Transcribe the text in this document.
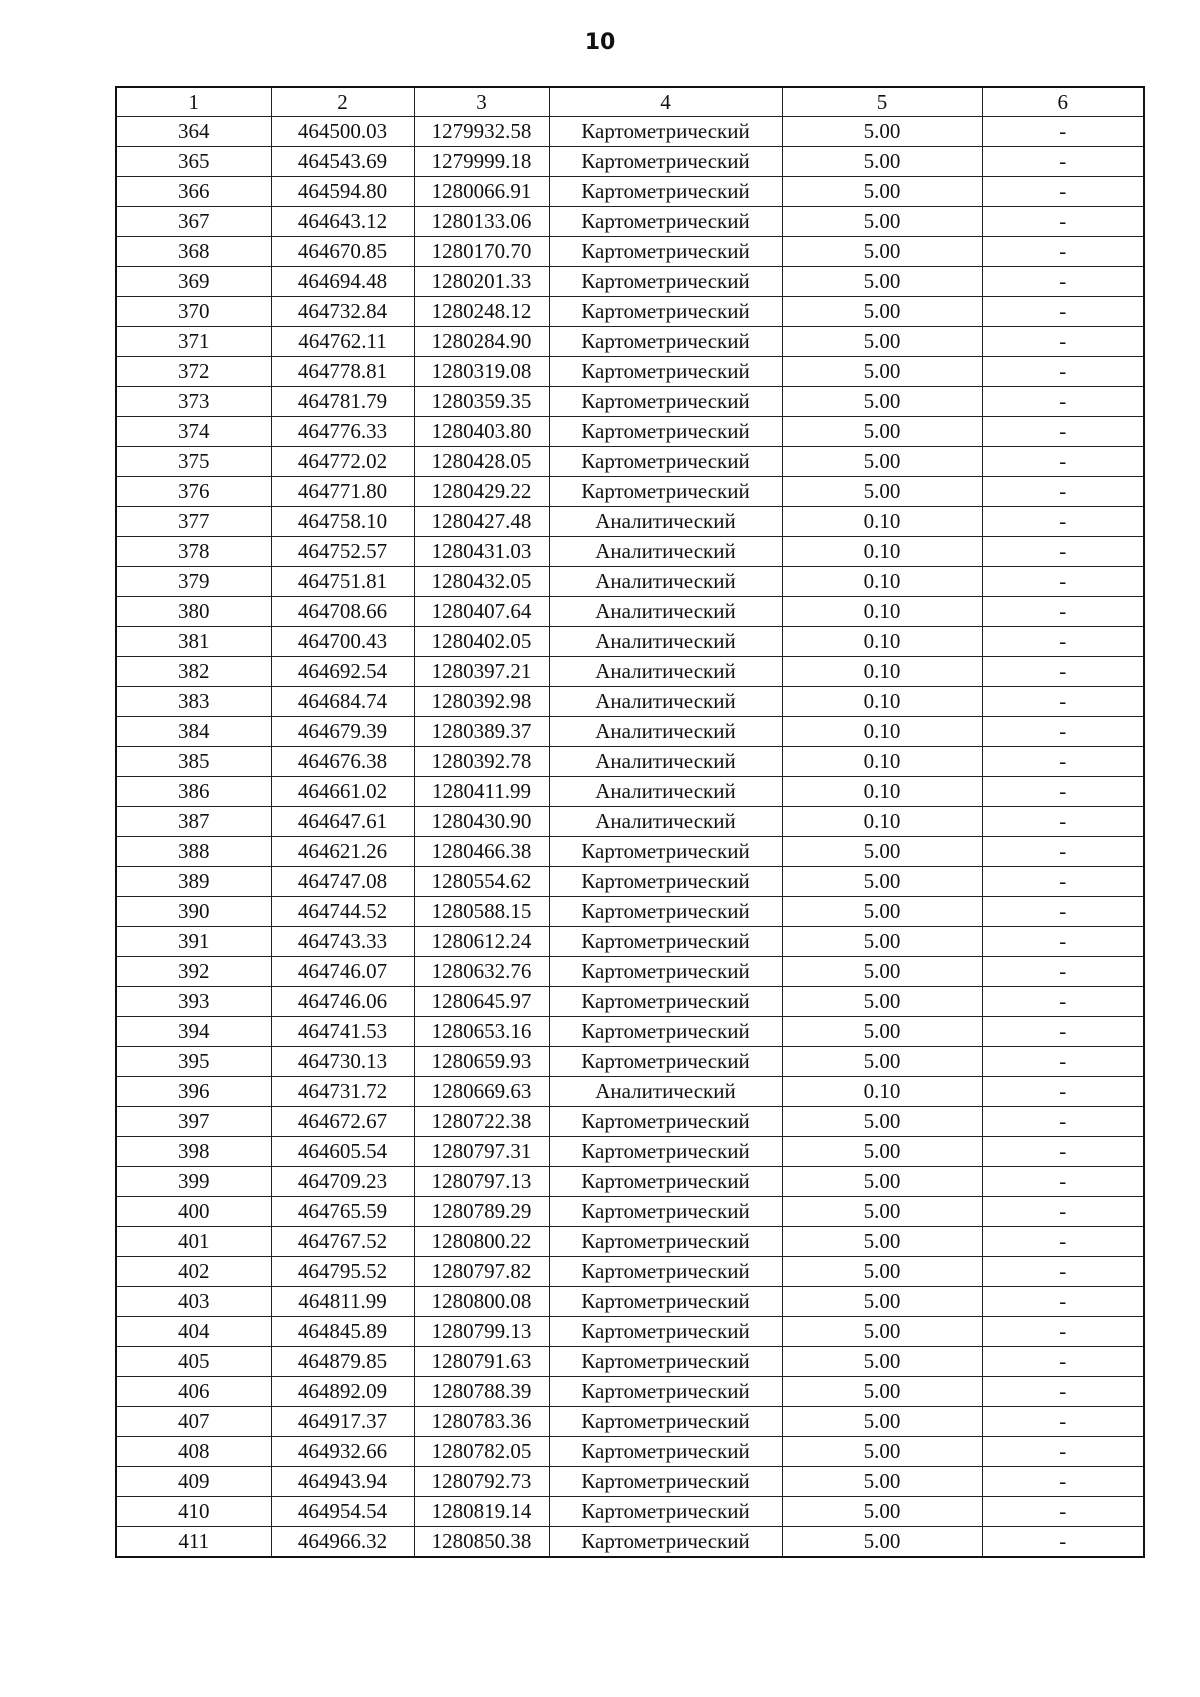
10
1	2	3	4	5	6
364	464500.03	1279932.58	Картометрический	5.00	-
365	464543.69	1279999.18	Картометрический	5.00	-
366	464594.80	1280066.91	Картометрический	5.00	-
367	464643.12	1280133.06	Картометрический	5.00	-
368	464670.85	1280170.70	Картометрический	5.00	-
369	464694.48	1280201.33	Картометрический	5.00	-
370	464732.84	1280248.12	Картометрический	5.00	-
371	464762.11	1280284.90	Картометрический	5.00	-
372	464778.81	1280319.08	Картометрический	5.00	-
373	464781.79	1280359.35	Картометрический	5.00	-
374	464776.33	1280403.80	Картометрический	5.00	-
375	464772.02	1280428.05	Картометрический	5.00	-
376	464771.80	1280429.22	Картометрический	5.00	-
377	464758.10	1280427.48	Аналитический	0.10	-
378	464752.57	1280431.03	Аналитический	0.10	-
379	464751.81	1280432.05	Аналитический	0.10	-
380	464708.66	1280407.64	Аналитический	0.10	-
381	464700.43	1280402.05	Аналитический	0.10	-
382	464692.54	1280397.21	Аналитический	0.10	-
383	464684.74	1280392.98	Аналитический	0.10	-
384	464679.39	1280389.37	Аналитический	0.10	-
385	464676.38	1280392.78	Аналитический	0.10	-
386	464661.02	1280411.99	Аналитический	0.10	-
387	464647.61	1280430.90	Аналитический	0.10	-
388	464621.26	1280466.38	Картометрический	5.00	-
389	464747.08	1280554.62	Картометрический	5.00	-
390	464744.52	1280588.15	Картометрический	5.00	-
391	464743.33	1280612.24	Картометрический	5.00	-
392	464746.07	1280632.76	Картометрический	5.00	-
393	464746.06	1280645.97	Картометрический	5.00	-
394	464741.53	1280653.16	Картометрический	5.00	-
395	464730.13	1280659.93	Картометрический	5.00	-
396	464731.72	1280669.63	Аналитический	0.10	-
397	464672.67	1280722.38	Картометрический	5.00	-
398	464605.54	1280797.31	Картометрический	5.00	-
399	464709.23	1280797.13	Картометрический	5.00	-
400	464765.59	1280789.29	Картометрический	5.00	-
401	464767.52	1280800.22	Картометрический	5.00	-
402	464795.52	1280797.82	Картометрический	5.00	-
403	464811.99	1280800.08	Картометрический	5.00	-
404	464845.89	1280799.13	Картометрический	5.00	-
405	464879.85	1280791.63	Картометрический	5.00	-
406	464892.09	1280788.39	Картометрический	5.00	-
407	464917.37	1280783.36	Картометрический	5.00	-
408	464932.66	1280782.05	Картометрический	5.00	-
409	464943.94	1280792.73	Картометрический	5.00	-
410	464954.54	1280819.14	Картометрический	5.00	-
411	464966.32	1280850.38	Картометрический	5.00	-
